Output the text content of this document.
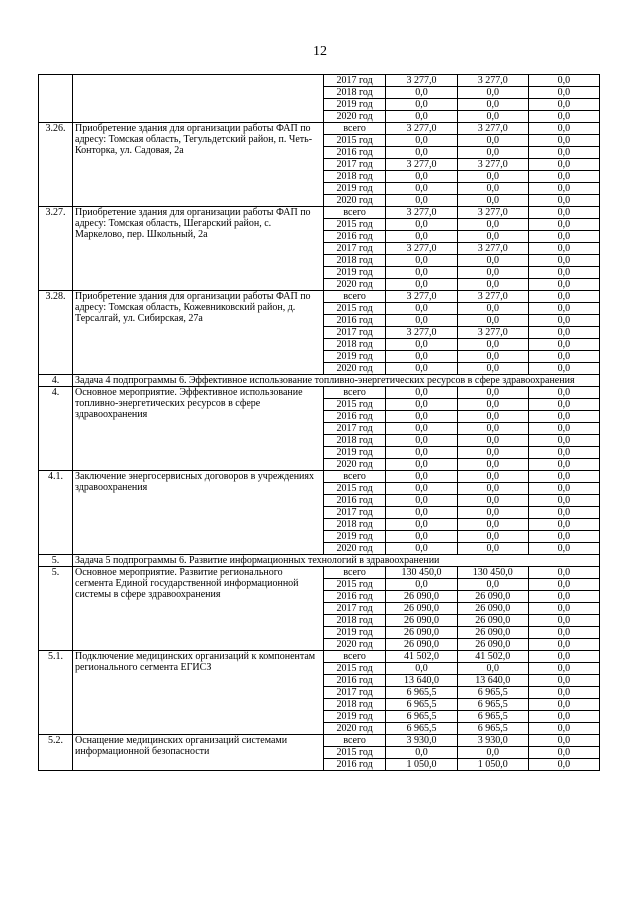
12
		2017 год	3 277,0	3 277,0	0,0
		2018 год	0,0	0,0	0,0
		2019 год	0,0	0,0	0,0
		2020 год	0,0	0,0	0,0
3.26.	Приобретение здания для организации работы ФАП по адресу: Томская область, Тегульдетский район, п. Четь-Конторка, ул. Садовая, 2а	всего	3 277,0	3 277,0	0,0
		2015 год	0,0	0,0	0,0
		2016 год	0,0	0,0	0,0
		2017 год	3 277,0	3 277,0	0,0
		2018 год	0,0	0,0	0,0
		2019 год	0,0	0,0	0,0
		2020 год	0,0	0,0	0,0
3.27.	Приобретение здания для организации работы ФАП по адресу: Томская область, Шегарский район, с. Маркелово, пер. Школьный, 2а	всего	3 277,0	3 277,0	0,0
		2015 год	0,0	0,0	0,0
		2016 год	0,0	0,0	0,0
		2017 год	3 277,0	3 277,0	0,0
		2018 год	0,0	0,0	0,0
		2019 год	0,0	0,0	0,0
		2020 год	0,0	0,0	0,0
3.28.	Приобретение здания для организации работы ФАП по адресу: Томская область, Кожевниковский район, д. Терсалгай, ул. Сибирская, 27а	всего	3 277,0	3 277,0	0,0
		2015 год	0,0	0,0	0,0
		2016 год	0,0	0,0	0,0
		2017 год	3 277,0	3 277,0	0,0
		2018 год	0,0	0,0	0,0
		2019 год	0,0	0,0	0,0
		2020 год	0,0	0,0	0,0
4.	Задача 4 подпрограммы 6. Эффективное использование топливно-энергетических ресурсов в сфере здравоохранения				
4.	Основное мероприятие. Эффективное использование топливно-энергетических ресурсов в сфере здравоохранения	всего	0,0	0,0	0,0
		2015 год	0,0	0,0	0,0
		2016 год	0,0	0,0	0,0
		2017 год	0,0	0,0	0,0
		2018 год	0,0	0,0	0,0
		2019 год	0,0	0,0	0,0
		2020 год	0,0	0,0	0,0
4.1.	Заключение энергосервисных договоров в учреждениях здравоохранения	всего	0,0	0,0	0,0
		2015 год	0,0	0,0	0,0
		2016 год	0,0	0,0	0,0
		2017 год	0,0	0,0	0,0
		2018 год	0,0	0,0	0,0
		2019 год	0,0	0,0	0,0
		2020 год	0,0	0,0	0,0
5.	Задача 5 подпрограммы 6. Развитие информационных технологий в здравоохранении				
5.	Основное мероприятие. Развитие регионального сегмента Единой государственной информационной системы в сфере здравоохранения	всего	130 450,0	130 450,0	0,0
		2015 год	0,0	0,0	0,0
		2016 год	26 090,0	26 090,0	0,0
		2017 год	26 090,0	26 090,0	0,0
		2018 год	26 090,0	26 090,0	0,0
		2019 год	26 090,0	26 090,0	0,0
		2020 год	26 090,0	26 090,0	0,0
5.1.	Подключение медицинских организаций к компонентам регионального сегмента ЕГИСЗ	всего	41 502,0	41 502,0	0,0
		2015 год	0,0	0,0	0,0
		2016 год	13 640,0	13 640,0	0,0
		2017 год	6 965,5	6 965,5	0,0
		2018 год	6 965,5	6 965,5	0,0
		2019 год	6 965,5	6 965,5	0,0
		2020 год	6 965,5	6 965,5	0,0
5.2.	Оснащение медицинских организаций системами информационной безопасности	всего	3 930,0	3 930,0	0,0
		2015 год	0,0	0,0	0,0
		2016 год	1 050,0	1 050,0	0,0
